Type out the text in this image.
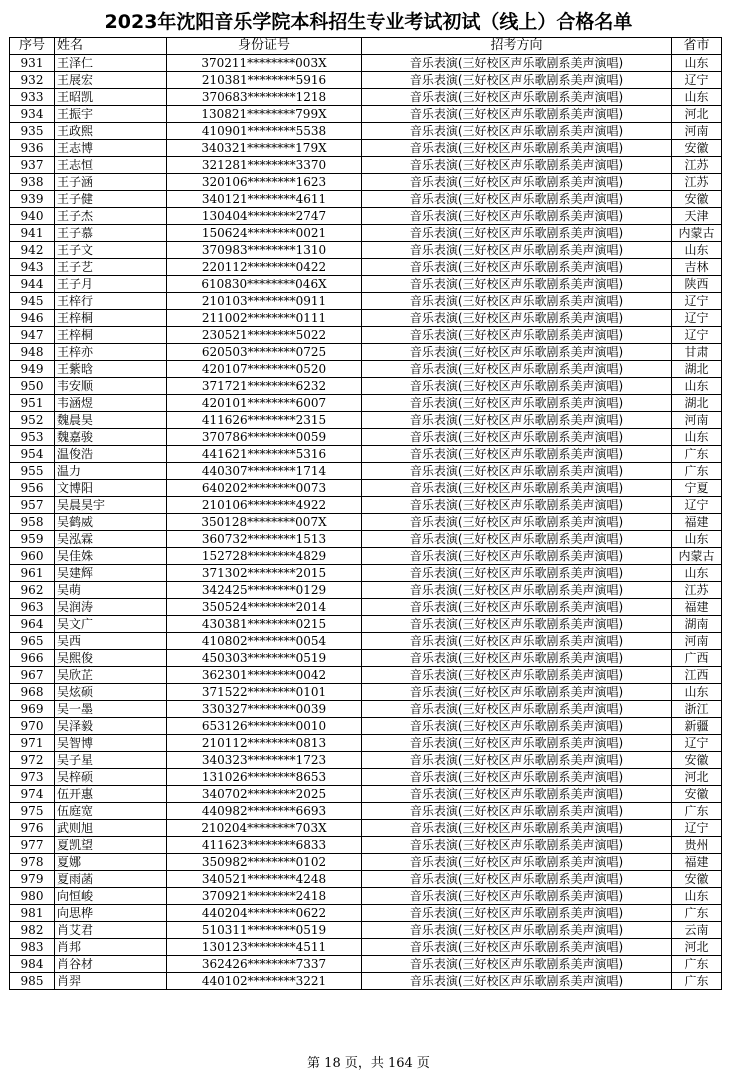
2023年沈阳音乐学院本科招生专业考试初试（线上）合格名单
序号	姓名	身份证号	招考方向	省市
931	王泽仁	370211********003X	音乐表演(三好校区声乐歌剧系美声演唱)	山东
932	王展宏	210381********5916	音乐表演(三好校区声乐歌剧系美声演唱)	辽宁
933	王昭凯	370683********1218	音乐表演(三好校区声乐歌剧系美声演唱)	山东
934	王振宇	130821********799X	音乐表演(三好校区声乐歌剧系美声演唱)	河北
935	王政熙	410901********5538	音乐表演(三好校区声乐歌剧系美声演唱)	河南
936	王志博	340321********179X	音乐表演(三好校区声乐歌剧系美声演唱)	安徽
937	王志恒	321281********3370	音乐表演(三好校区声乐歌剧系美声演唱)	江苏
938	王子涵	320106********1623	音乐表演(三好校区声乐歌剧系美声演唱)	江苏
939	王子健	340121********4611	音乐表演(三好校区声乐歌剧系美声演唱)	安徽
940	王子杰	130404********2747	音乐表演(三好校区声乐歌剧系美声演唱)	天津
941	王子慕	150624********0021	音乐表演(三好校区声乐歌剧系美声演唱)	内蒙古
942	王子文	370983********1310	音乐表演(三好校区声乐歌剧系美声演唱)	山东
943	王子艺	220112********0422	音乐表演(三好校区声乐歌剧系美声演唱)	吉林
944	王子月	610830********046X	音乐表演(三好校区声乐歌剧系美声演唱)	陕西
945	王梓行	210103********0911	音乐表演(三好校区声乐歌剧系美声演唱)	辽宁
946	王梓桐	211002********0111	音乐表演(三好校区声乐歌剧系美声演唱)	辽宁
947	王梓桐	230521********5022	音乐表演(三好校区声乐歌剧系美声演唱)	辽宁
948	王梓亦	620503********0725	音乐表演(三好校区声乐歌剧系美声演唱)	甘肃
949	王紫晗	420107********0520	音乐表演(三好校区声乐歌剧系美声演唱)	湖北
950	韦安顺	371721********6232	音乐表演(三好校区声乐歌剧系美声演唱)	山东
951	韦涵煜	420101********6007	音乐表演(三好校区声乐歌剧系美声演唱)	湖北
952	魏晨昊	411626********2315	音乐表演(三好校区声乐歌剧系美声演唱)	河南
953	魏嘉骏	370786********0059	音乐表演(三好校区声乐歌剧系美声演唱)	山东
954	温俊浩	441621********5316	音乐表演(三好校区声乐歌剧系美声演唱)	广东
955	温力	440307********1714	音乐表演(三好校区声乐歌剧系美声演唱)	广东
956	文博阳	640202********0073	音乐表演(三好校区声乐歌剧系美声演唱)	宁夏
957	吴晨昊宇	210106********4922	音乐表演(三好校区声乐歌剧系美声演唱)	辽宁
958	吴鹤威	350128********007X	音乐表演(三好校区声乐歌剧系美声演唱)	福建
959	吴泓霖	360732********1513	音乐表演(三好校区声乐歌剧系美声演唱)	山东
960	吴佳姝	152728********4829	音乐表演(三好校区声乐歌剧系美声演唱)	内蒙古
961	吴建辉	371302********2015	音乐表演(三好校区声乐歌剧系美声演唱)	山东
962	吴萌	342425********0129	音乐表演(三好校区声乐歌剧系美声演唱)	江苏
963	吴润涛	350524********2014	音乐表演(三好校区声乐歌剧系美声演唱)	福建
964	吴文广	430381********0215	音乐表演(三好校区声乐歌剧系美声演唱)	湖南
965	吴西	410802********0054	音乐表演(三好校区声乐歌剧系美声演唱)	河南
966	吴熙俊	450303********0519	音乐表演(三好校区声乐歌剧系美声演唱)	广西
967	吴欣芷	362301********0042	音乐表演(三好校区声乐歌剧系美声演唱)	江西
968	吴炫硕	371522********0101	音乐表演(三好校区声乐歌剧系美声演唱)	山东
969	吴一墨	330327********0039	音乐表演(三好校区声乐歌剧系美声演唱)	浙江
970	吴泽毅	653126********0010	音乐表演(三好校区声乐歌剧系美声演唱)	新疆
971	吴智博	210112********0813	音乐表演(三好校区声乐歌剧系美声演唱)	辽宁
972	吴子星	340323********1723	音乐表演(三好校区声乐歌剧系美声演唱)	安徽
973	吴梓硕	131026********8653	音乐表演(三好校区声乐歌剧系美声演唱)	河北
974	伍开惠	340702********2025	音乐表演(三好校区声乐歌剧系美声演唱)	安徽
975	伍庭宽	440982********6693	音乐表演(三好校区声乐歌剧系美声演唱)	广东
976	武则旭	210204********703X	音乐表演(三好校区声乐歌剧系美声演唱)	辽宁
977	夏凯望	411623********6833	音乐表演(三好校区声乐歌剧系美声演唱)	贵州
978	夏娜	350982********0102	音乐表演(三好校区声乐歌剧系美声演唱)	福建
979	夏雨菡	340521********4248	音乐表演(三好校区声乐歌剧系美声演唱)	安徽
980	向恒峻	370921********2418	音乐表演(三好校区声乐歌剧系美声演唱)	山东
981	向思桦	440204********0622	音乐表演(三好校区声乐歌剧系美声演唱)	广东
982	肖艾君	510311********0519	音乐表演(三好校区声乐歌剧系美声演唱)	云南
983	肖邦	130123********4511	音乐表演(三好校区声乐歌剧系美声演唱)	河北
984	肖谷材	362426********7337	音乐表演(三好校区声乐歌剧系美声演唱)	广东
985	肖羿	440102********3221	音乐表演(三好校区声乐歌剧系美声演唱)	广东
第 18 页，共 164 页
